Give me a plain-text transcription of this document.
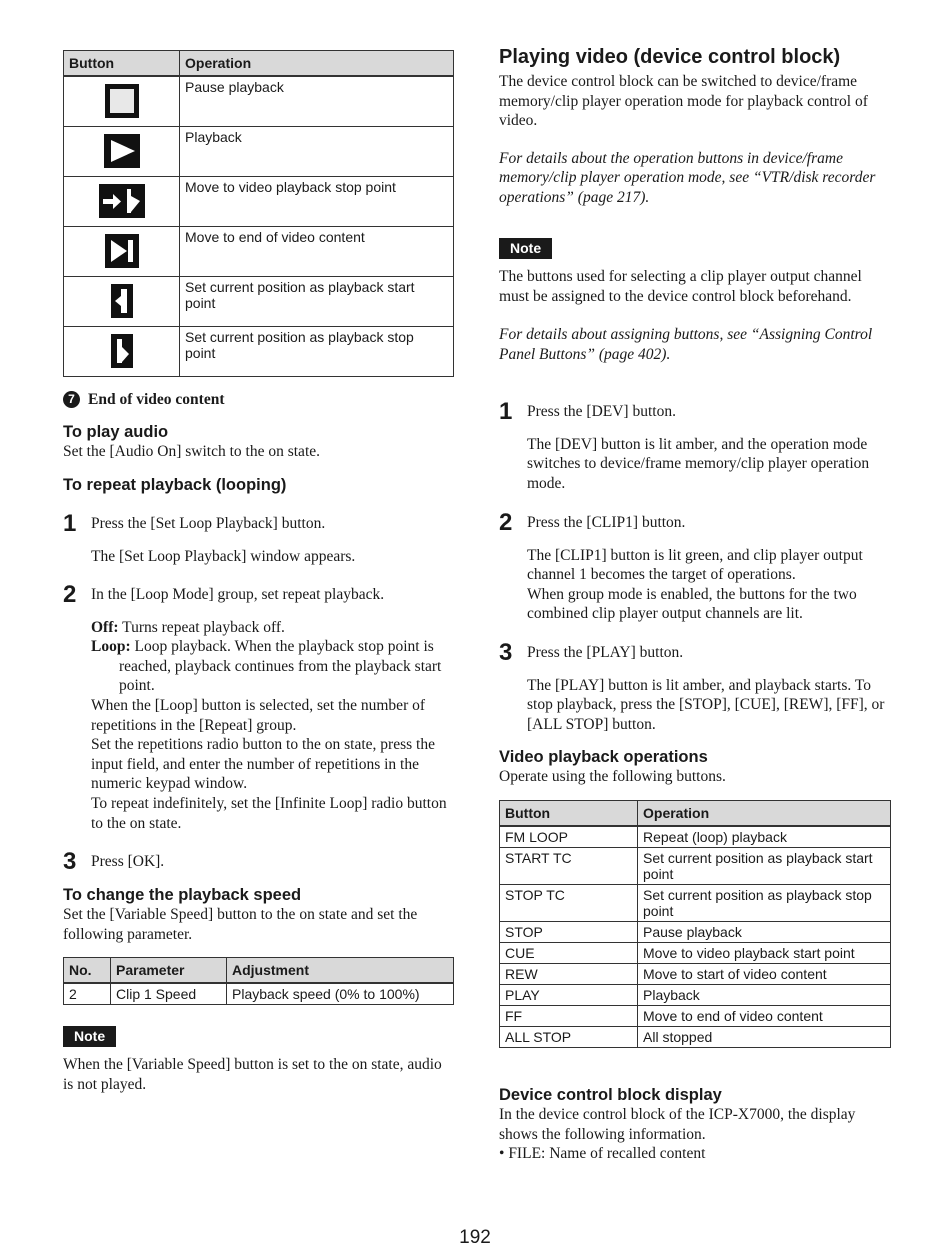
Button	Operation
	Pause playback
	Playback
	Move to video playback stop point
	Move to end of video content
	Set current position as playback start point
	Set current position as playback stop point

7 End of video content

To play audio

Set the [Audio On] switch to the on state.

To repeat playback (looping)
1 Press the [Set Loop Playback] button.

The [Set Loop Playback] window appears.

2 In the [Loop Mode] group, set repeat playback.

Off: Turns repeat playback off.

Loop: Loop playback. When the playback stop point is reached, playback continues from the playback start point.

When the [Loop] button is selected, set the number of repetitions in the [Repeat] group.

Set the repetitions radio button to the on state, press the input field, and enter the number of repetitions in the numeric keypad window.

To repeat indefinitely, set the [Infinite Loop] radio button to the on state.

3 Press [OK].

To change the playback speed

Set the [Variable Speed] button to the on state and set the following parameter.

No.	Parameter	Adjustment
2	Clip 1 Speed	Playback speed (0% to 100%)
Note

When the [Variable Speed] button is set to the on state, audio is not played.

Playing video (device control block)

The device control block can be switched to device/frame memory/clip player operation mode for playback control of video.

For details about the operation buttons in device/frame memory/clip player operation mode, see “VTR/disk recorder operations” (page 217).

Note

The buttons used for selecting a clip player output channel must be assigned to the device control block beforehand.

For details about assigning buttons, see “Assigning Control Panel Buttons” (page 402).

1 Press the [DEV] button.

The [DEV] button is lit amber, and the operation mode switches to device/frame memory/clip player operation mode.

2 Press the [CLIP1] button.

The [CLIP1] button is lit green, and clip player output channel 1 becomes the target of operations.

When group mode is enabled, the buttons for the two combined clip player output channels are lit.

3 Press the [PLAY] button.

The [PLAY] button is lit amber, and playback starts. To stop playback, press the [STOP], [CUE], [REW], [FF], or [ALL STOP] button.

Video playback operations

Operate using the following buttons.

Button	Operation
FM LOOP	Repeat (loop) playback
START TC	Set current position as playback start point
STOP TC	Set current position as playback stop point
STOP	Pause playback
CUE	Move to video playback start point
REW	Move to start of video content
PLAY	Playback
FF	Move to end of video content
ALL STOP	All stopped
Device control block display

In the device control block of the ICP-X7000, the display shows the following information.

• FILE: Name of recalled content

192
